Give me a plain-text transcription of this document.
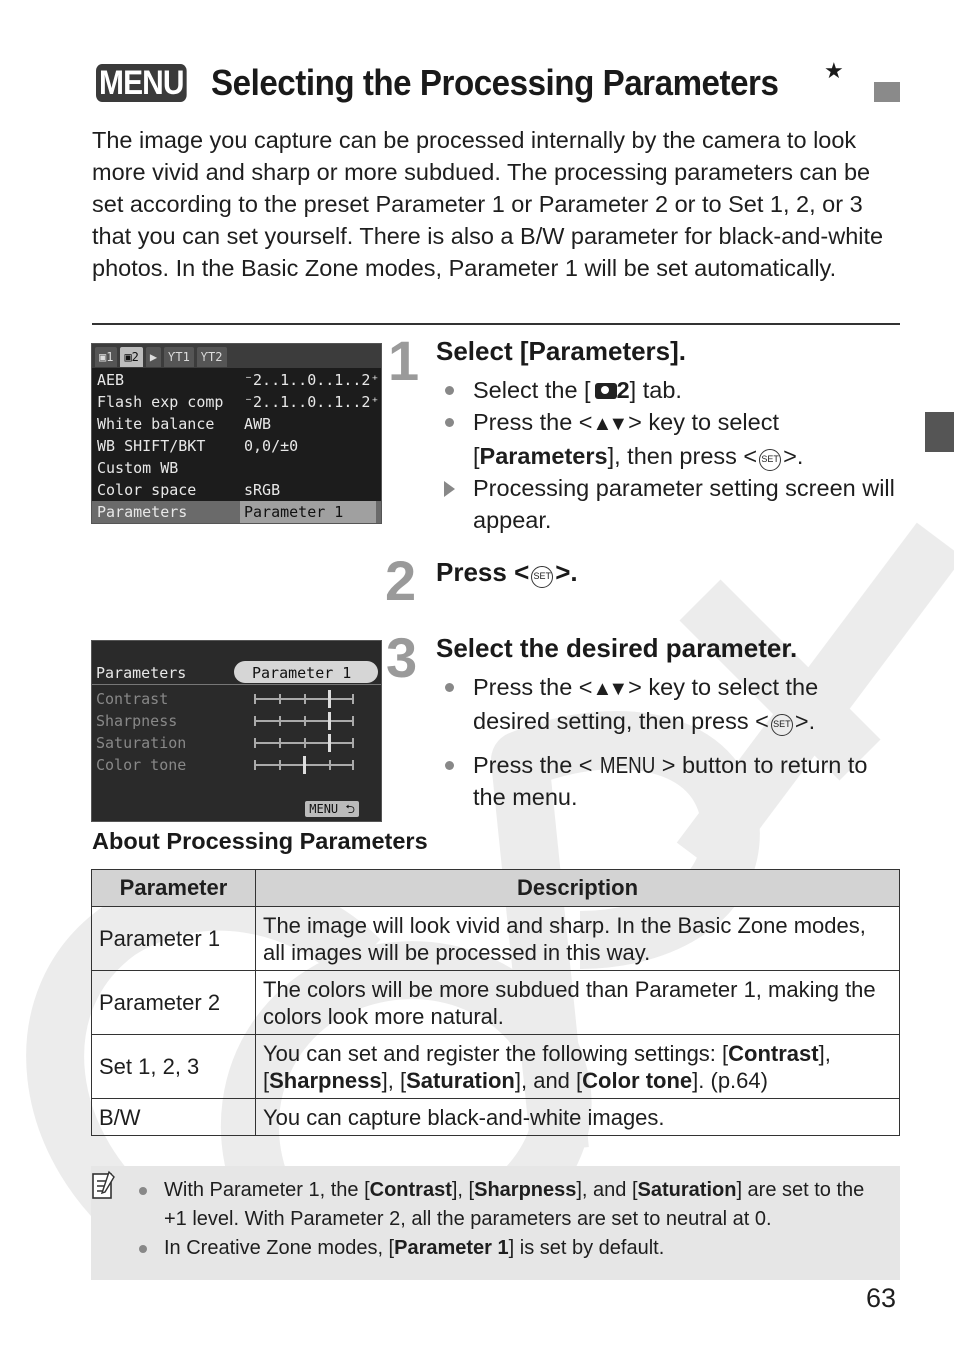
MENU Selecting the Processing Parameters ★

The image you capture can be processed internally by the camera to look more vivid and sharp or more subdued. The processing parameters can be set according to the preset Parameter 1 or Parameter 2 or to Set 1, 2, or 3 that you can set yourself. There is also a B/W parameter for black-and-white photos. In the Basic Zone modes, Parameter 1 will be set automatically.

▣1 ▣2 ▶ ƳT1 ƳT2
AEB	⁻2..1..0..1..2⁺
Flash exp comp ⁻2..1..0..1..2⁺
White balance AWB
WB SHIFT/BKT	0,0/±0
Custom WB
Color space	sRGB
Parameters	Parameter 1
Parameters	Parameter 1
Contrast
Sharpness
Saturation
Color tone
MENU ⮌
1 Select [Parameters].
Select the [ 2] tab.
Press the <▲▼ > key to select [Parameters], then press < SET >.
Processing parameter setting screen will appear.
2 Press < SET >.
3 Select the desired parameter.
Press the <▲▼ > key to select the desired setting, then press < SET >.
Press the < MENU > button to return to the menu.
About Processing Parameters
Parameter	Description
Parameter 1	The image will look vivid and sharp. In the Basic Zone modes, all images will be processed in this way.
Parameter 2	The colors will be more subdued than Parameter 1, making the colors look more natural.
Set 1, 2, 3	You can set and register the following settings: [Contrast], [Sharpness], [Saturation], and [Color tone]. (p.64)
B/W	You can capture black-and-white images.
With Parameter 1, the [Contrast], [Sharpness], and [Saturation] are set to the +1 level. With Parameter 2, all the parameters are set to neutral at 0.
In Creative Zone modes, [Parameter 1] is set by default.
63
